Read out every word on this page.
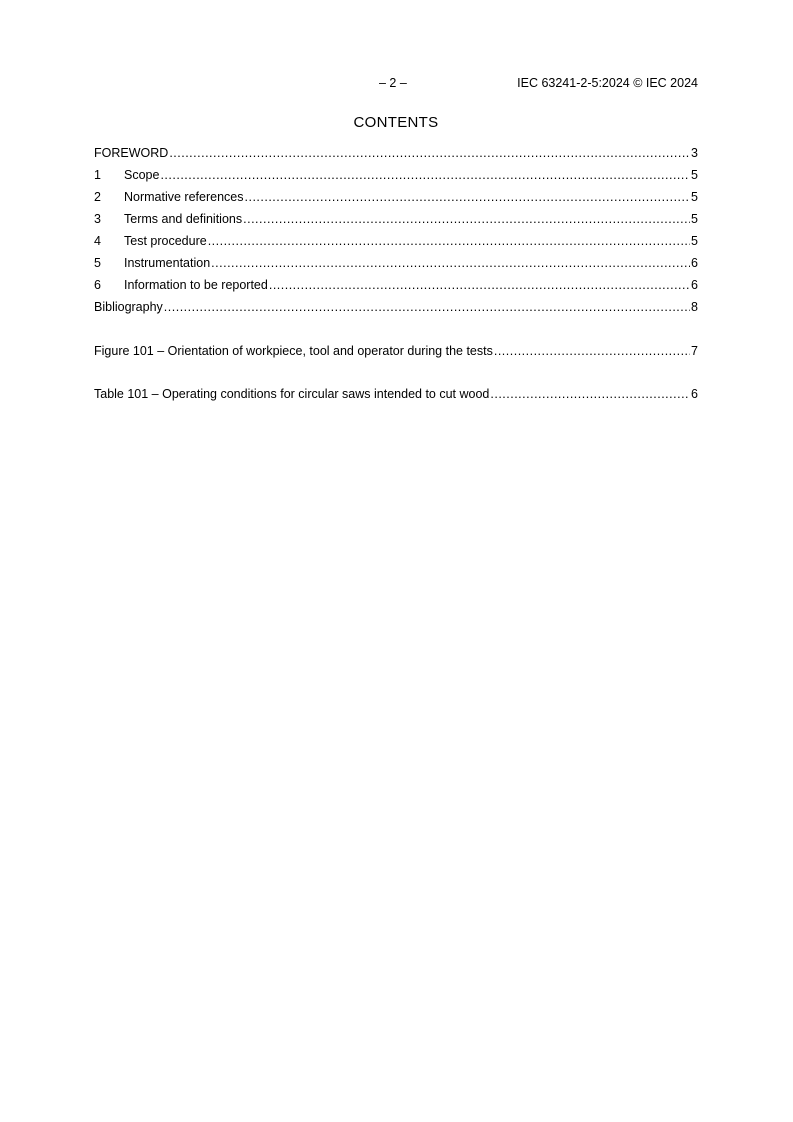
– 2 –	IEC 63241-2-5:2024 © IEC 2024
CONTENTS
FOREWORD .....	3
1	Scope .....	5
2	Normative references .....	5
3	Terms and definitions .....	5
4	Test procedure .....	5
5	Instrumentation .....	6
6	Information to be reported .....	6
Bibliography .....	8
Figure 101 – Orientation of workpiece, tool and operator during the tests .....	7
Table 101 – Operating conditions for circular saws intended to cut wood .....	6
